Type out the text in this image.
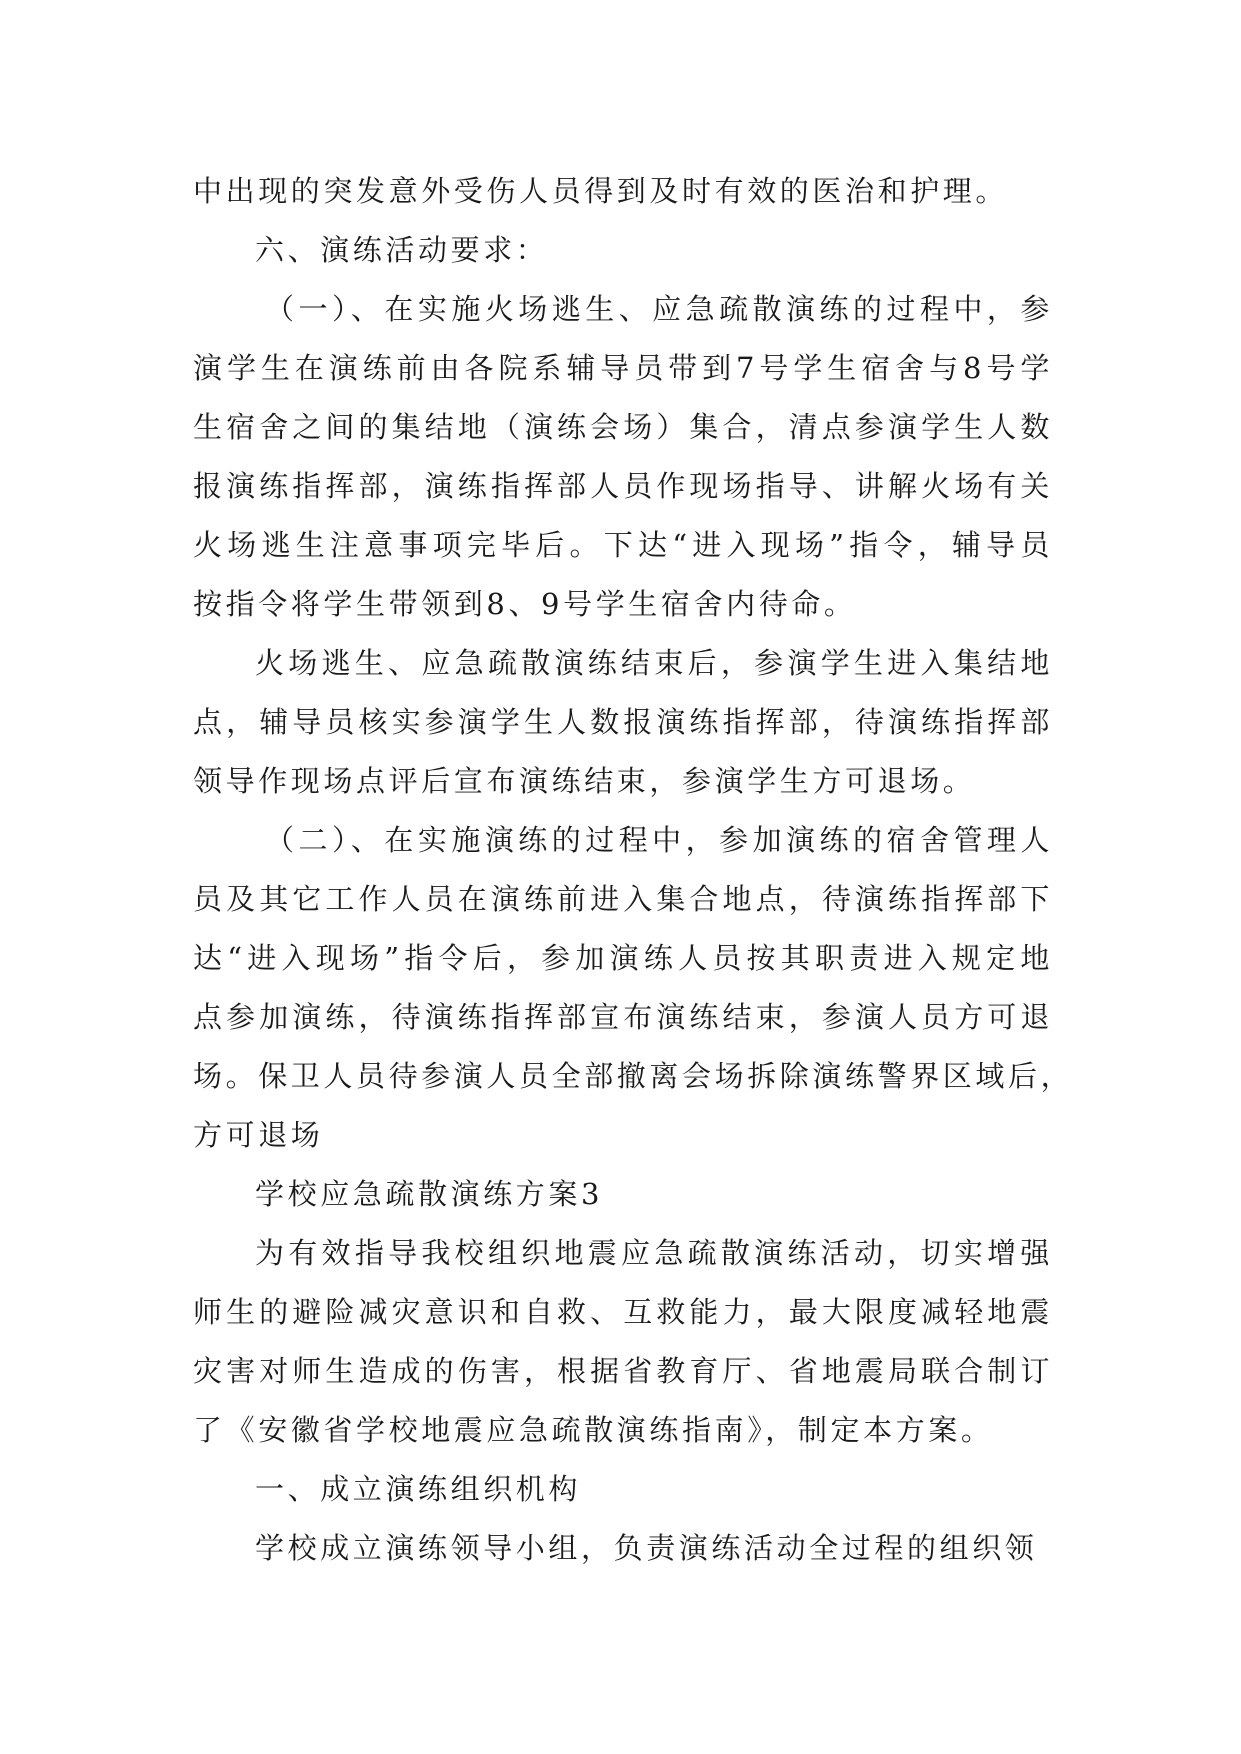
中出现的突发意外受伤人员得到及时有效的医治和护理。
六、演练活动要求：
（一）、在实施火场逃生、应急疏散演练的过程中，参
演学生在演练前由各院系辅导员带到7号学生宿舍与8号学
生宿舍之间的集结地（演练会场）集合，清点参演学生人数
报演练指挥部，演练指挥部人员作现场指导、讲解火场有关
火场逃生注意事项完毕后。下达“进入现场”指令，辅导员
按指令将学生带领到8、9号学生宿舍内待命。
火场逃生、应急疏散演练结束后，参演学生进入集结地
点，辅导员核实参演学生人数报演练指挥部，待演练指挥部
领导作现场点评后宣布演练结束，参演学生方可退场。
（二）、在实施演练的过程中，参加演练的宿舍管理人
员及其它工作人员在演练前进入集合地点，待演练指挥部下
达“进入现场”指令后，参加演练人员按其职责进入规定地
点参加演练，待演练指挥部宣布演练结束，参演人员方可退
场。保卫人员待参演人员全部撤离会场拆除演练警界区域后，
方可退场
学校应急疏散演练方案3
为有效指导我校组织地震应急疏散演练活动，切实增强
师生的避险减灾意识和自救、互救能力，最大限度减轻地震
灾害对师生造成的伤害，根据省教育厅、省地震局联合制订
了《安徽省学校地震应急疏散演练指南》，制定本方案。
一、成立演练组织机构
学校成立演练领导小组，负责演练活动全过程的组织领
